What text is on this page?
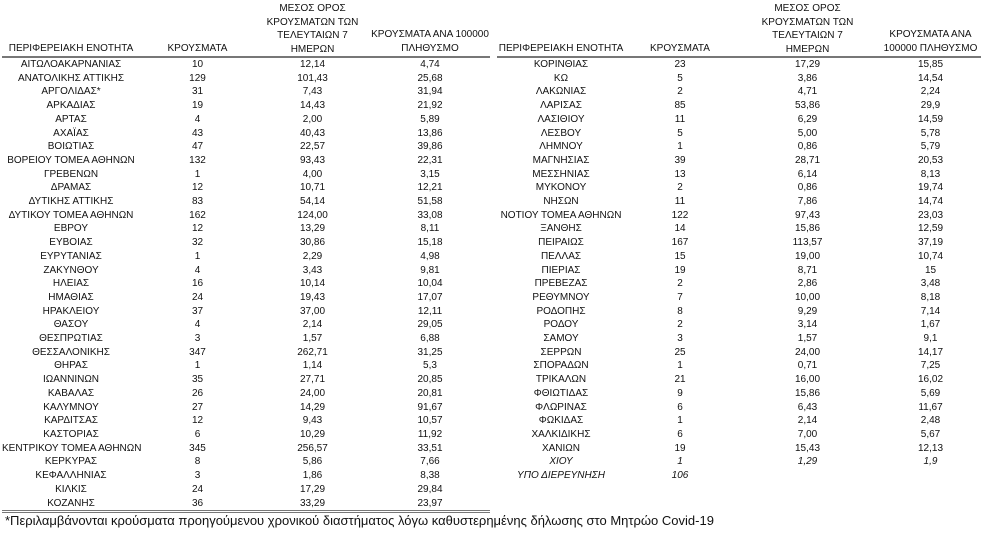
ΠΕΡΙΦΕΡΕΙΑΚΗ ΕΝΟΤΗΤΑ	ΚΡΟΥΣΜΑΤΑ	ΜΕΣΟΣ ΟΡΟΣ ΚΡΟΥΣΜΑΤΩΝ ΤΩΝ ΤΕΛΕΥΤΑΙΩΝ 7 ΗΜΕΡΩΝ	ΚΡΟΥΣΜΑΤΑ ΑΝΑ 100000 ΠΛΗΘΥΣΜΟ
ΑΙΤΩΛΟΑΚΑΡΝΑΝΙΑΣ	10	12,14	4,74
ΑΝΑΤΟΛΙΚΗΣ ΑΤΤΙΚΗΣ	129	101,43	25,68
ΑΡΓΟΛΙΔΑΣ*	31	7,43	31,94
ΑΡΚΑΔΙΑΣ	19	14,43	21,92
ΑΡΤΑΣ	4	2,00	5,89
ΑΧΑΪΑΣ	43	40,43	13,86
ΒΟΙΩΤΙΑΣ	47	22,57	39,86
ΒΟΡΕΙΟΥ ΤΟΜΕΑ ΑΘΗΝΩΝ	132	93,43	22,31
ΓΡΕΒΕΝΩΝ	1	4,00	3,15
ΔΡΑΜΑΣ	12	10,71	12,21
ΔΥΤΙΚΗΣ ΑΤΤΙΚΗΣ	83	54,14	51,58
ΔΥΤΙΚΟΥ ΤΟΜΕΑ ΑΘΗΝΩΝ	162	124,00	33,08
ΕΒΡΟΥ	12	13,29	8,11
ΕΥΒΟΙΑΣ	32	30,86	15,18
ΕΥΡΥΤΑΝΙΑΣ	1	2,29	4,98
ΖΑΚΥΝΘΟΥ	4	3,43	9,81
ΗΛΕΙΑΣ	16	10,14	10,04
ΗΜΑΘΙΑΣ	24	19,43	17,07
ΗΡΑΚΛΕΙΟΥ	37	37,00	12,11
ΘΑΣΟΥ	4	2,14	29,05
ΘΕΣΠΡΩΤΙΑΣ	3	1,57	6,88
ΘΕΣΣΑΛΟΝΙΚΗΣ	347	262,71	31,25
ΘΗΡΑΣ	1	1,14	5,3
ΙΩΑΝΝΙΝΩΝ	35	27,71	20,85
ΚΑΒΑΛΑΣ	26	24,00	20,81
ΚΑΛΥΜΝΟΥ	27	14,29	91,67
ΚΑΡΔΙΤΣΑΣ	12	9,43	10,57
ΚΑΣΤΟΡΙΑΣ	6	10,29	11,92
ΚΕΝΤΡΙΚΟΥ ΤΟΜΕΑ ΑΘΗΝΩΝ	345	256,57	33,51
ΚΕΡΚΥΡΑΣ	8	5,86	7,66
ΚΕΦΑΛΛΗΝΙΑΣ	3	1,86	8,38
ΚΙΛΚΙΣ	24	17,29	29,84
ΚΟΖΑΝΗΣ	36	33,29	23,97
ΠΕΡΙΦΕΡΕΙΑΚΗ ΕΝΟΤΗΤΑ	ΚΡΟΥΣΜΑΤΑ	ΜΕΣΟΣ ΟΡΟΣ ΚΡΟΥΣΜΑΤΩΝ ΤΩΝ ΤΕΛΕΥΤΑΙΩΝ 7 ΗΜΕΡΩΝ	ΚΡΟΥΣΜΑΤΑ ΑΝΑ 100000 ΠΛΗΘΥΣΜΟ
ΚΟΡΙΝΘΙΑΣ	23	17,29	15,85
ΚΩ	5	3,86	14,54
ΛΑΚΩΝΙΑΣ	2	4,71	2,24
ΛΑΡΙΣΑΣ	85	53,86	29,9
ΛΑΣΙΘΙΟΥ	11	6,29	14,59
ΛΕΣΒΟΥ	5	5,00	5,78
ΛΗΜΝΟΥ	1	0,86	5,79
ΜΑΓΝΗΣΙΑΣ	39	28,71	20,53
ΜΕΣΣΗΝΙΑΣ	13	6,14	8,13
ΜΥΚΟΝΟΥ	2	0,86	19,74
ΝΗΣΩΝ	11	7,86	14,74
ΝΟΤΙΟΥ ΤΟΜΕΑ ΑΘΗΝΩΝ	122	97,43	23,03
ΞΑΝΘΗΣ	14	15,86	12,59
ΠΕΙΡΑΙΩΣ	167	113,57	37,19
ΠΕΛΛΑΣ	15	19,00	10,74
ΠΙΕΡΙΑΣ	19	8,71	15
ΠΡΕΒΕΖΑΣ	2	2,86	3,48
ΡΕΘΥΜΝΟΥ	7	10,00	8,18
ΡΟΔΟΠΗΣ	8	9,29	7,14
ΡΟΔΟΥ	2	3,14	1,67
ΣΑΜΟΥ	3	1,57	9,1
ΣΕΡΡΩΝ	25	24,00	14,17
ΣΠΟΡΑΔΩΝ	1	0,71	7,25
ΤΡΙΚΑΛΩΝ	21	16,00	16,02
ΦΘΙΩΤΙΔΑΣ	9	15,86	5,69
ΦΛΩΡΙΝΑΣ	6	6,43	11,67
ΦΩΚΙΔΑΣ	1	2,14	2,48
ΧΑΛΚΙΔΙΚΗΣ	6	7,00	5,67
ΧΑΝΙΩΝ	19	15,43	12,13
ΧΙΟΥ	1	1,29	1,9
ΥΠΟ ΔΙΕΡΕΥΝΗΣΗ	106		
*Περιλαμβάνονται κρούσματα προηγούμενου χρονικού διαστήματος λόγω καθυστερημένης δήλωσης στο Μητρώο Covid-19
